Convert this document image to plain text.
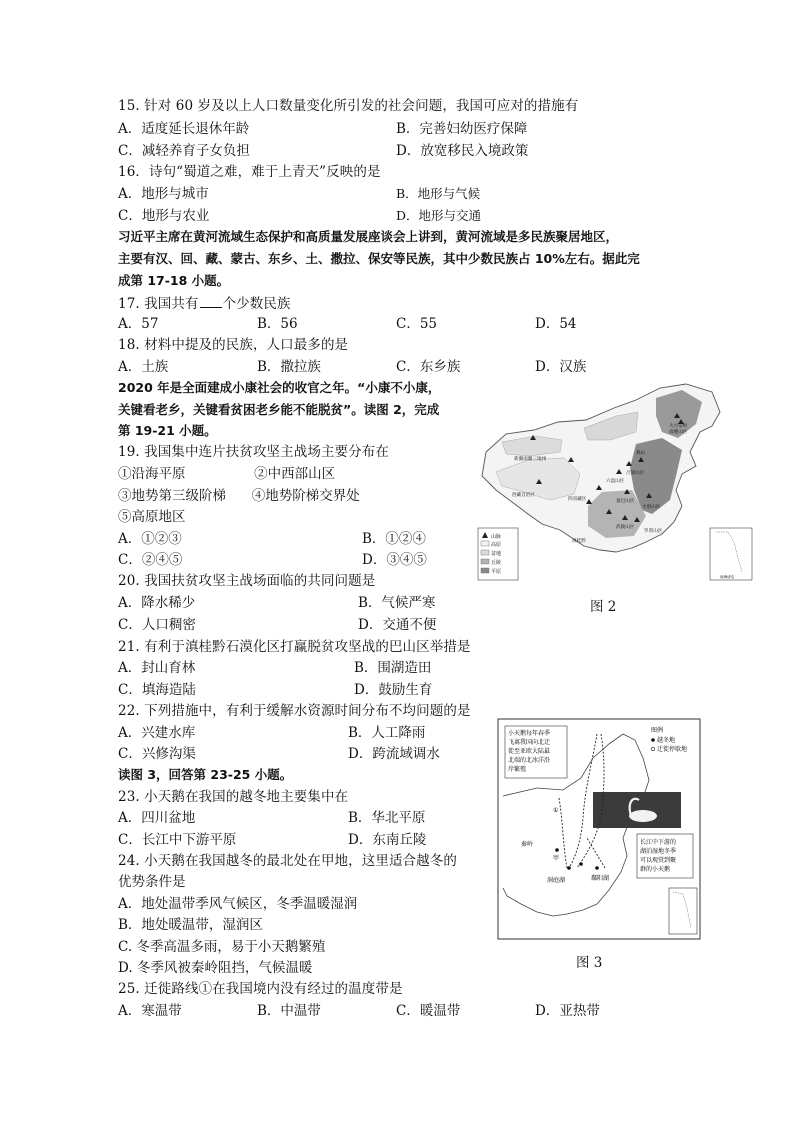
15. 针对 60 岁及以上人口数量变化所引发的社会问题，我国可应对的措施有
A．适度延长退休年龄	B．完善妇幼医疗保障
C．减轻养育子女负担	D．放宽移民入境政策
16．诗句“蜀道之难，难于上青天”反映的是
A．地形与城市	B．地形与气候
C．地形与农业	D．地形与交通
习近平主席在黄河流域生态保护和高质量发展座谈会上讲到，黄河流域是多民族聚居地区，
主要有汉、回、藏、蒙古、东乡、土、撒拉、保安等民族，其中少数民族占 10%左右。据此完
成第 17-18 小题。
17. 我国共有 个少数民族
A．57	B．56	C．55	D．54
18. 材料中提及的民族，人口最多的是
A．土族	B．撒拉族	C．东乡族	D．汉族
2020 年是全面建成小康社会的收官之年。“小康不小康，
关键看老乡，关键看贫困老乡能不能脱贫”。读图 2，完成
第 19-21 小题。
19. 我国集中连片扶贫攻坚主战场主要分布在
①沿海平原                ②中西部山区
③地势第三级阶梯      ④地势阶梯交界处
⑤高原地区
A．①②③	B．①②④
C．②④⑤	D．③④⑤
20. 我国扶贫攻坚主战场面临的共同问题是
A．降水稀少	B．气候严寒
C．人口稠密	D．交通不便
21. 有利于滇桂黔石漠化区打赢脱贫攻坚战的巴山区举措是
A．封山育林	B．围湖造田
C．填海造陆	D．鼓励生育
22. 下列措施中，有利于缓解水资源时间分布不均问题的是
A．兴建水库	B．人工降雨
C．兴修沟渠	D．跨流域调水
读图 3，回答第 23-25 小题。
23. 小天鹅在我国的越冬地主要集中在
A．四川盆地	B．华北平原
C．长江中下游平原	D．东南丘陵
24. 小天鹅在我国越冬的最北处在甲地，这里适合越冬的
优势条件是
A．地处温带季风气候区，冬季温暖湿润
B．地处暖温带，湿润区
C. 冬季高温多雨，易于小天鹅繁殖
D. 冬季风被秦岭阻挡，气候温暖
25. 迁徙路线①在我国境内没有经过的温度带是
A．寒温带	B．中温带	C．暖温带	D．亚热带
大兴安岭
南麓山区
新疆南疆三地州
吕梁山区
六盘山区
燕山
西藏自治区
秦巴山区
大别山区
四省藏区
武陵山区
滇桂黔
罗霄山区
山脉
高原
盆地
丘陵
平原
南海诸岛
图 2
小天鹅每年春季
飞离我国向北迁
徙至亚欧大陆最
北端的北冰洋沿
岸繁殖
图例
越冬地
迁徙停歇地
长江中下游的
湖泊湿地冬季
可以观赏到聚
群的小天鹅
秦岭
甲
洞庭湖	鄱阳湖
①
图 3
